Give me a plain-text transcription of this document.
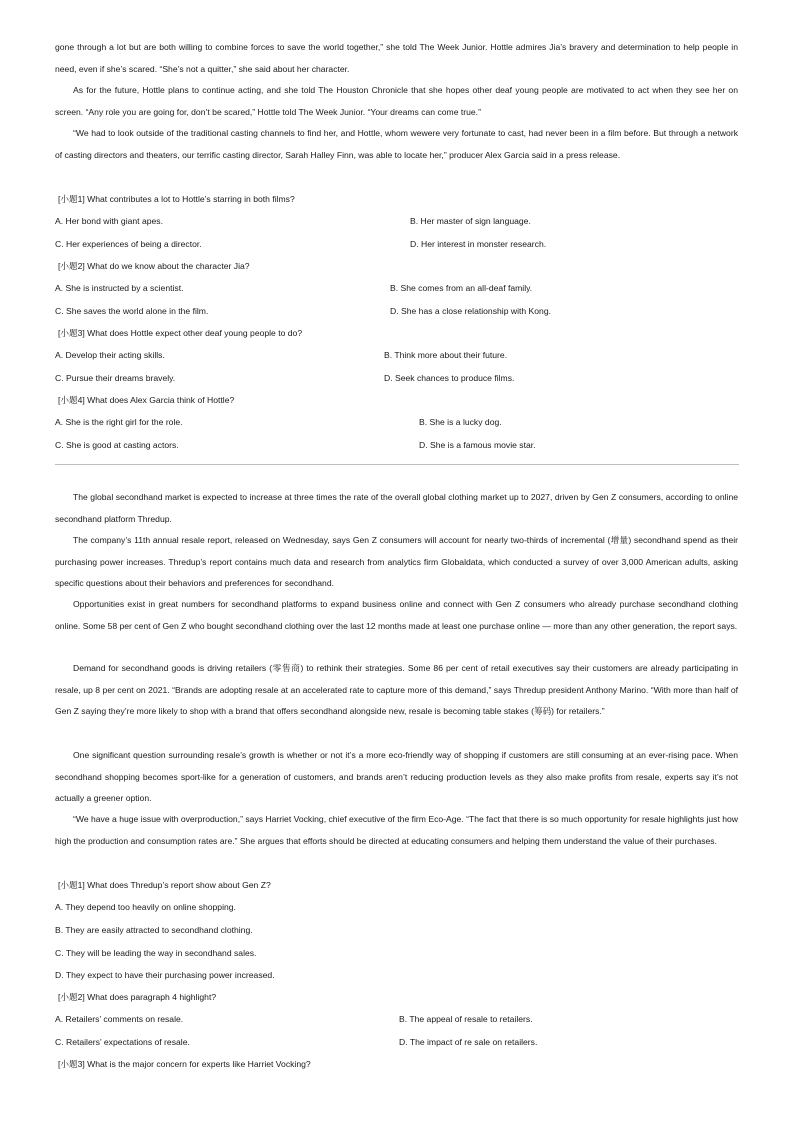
gone through a lot but are both willing to combine forces to save the world together,” she told The Week Junior. Hottle admires Jia’s bravery and determination to help people in need, even if she’s scared. “She’s not a quitter,” she said about her character.

As for the future, Hottle plans to continue acting, and she told The Houston Chronicle that she hopes other deaf young people are motivated to act when they see her on screen. “Any role you are going for, don’t be scared,” Hottle told The Week Junior. “Your dreams can come true.”

“We had to look outside of the traditional casting channels to find her, and Hottle, whom wewere very fortunate to cast, had never been in a film before. But through a network of casting directors and theaters, our terrific casting director, Sarah Halley Finn, was able to locate her,” producer Alex Garcia said in a press release.

[小题1] What contributes a lot to Hottle’s starring in both films?
A. Her bond with giant apes.	B. Her master of sign language.
C. Her experiences of being a director.	D. Her interest in monster research.
[小题2] What do we know about the character Jia?
A. She is instructed by a scientist.	B. She comes from an all-deaf family.
C. She saves the world alone in the film.	D. She has a close relationship with Kong.
[小题3] What does Hottle expect other deaf young people to do?
A. Develop their acting skills.	B. Think more about their future.
C. Pursue their dreams bravely.	D. Seek chances to produce films.
[小题4] What does Alex Garcia think of Hottle?
A. She is the right girl for the role.	B. She is a lucky dog.
C. She is good at casting actors.	D. She is a famous movie star.

The global secondhand market is expected to increase at three times the rate of the overall global clothing market up to 2027, driven by Gen Z consumers, according to online secondhand platform Thredup.

The company’s 11th annual resale report, released on Wednesday, says Gen Z consumers will account for nearly two-thirds of incremental (增量) secondhand spend as their purchasing power increases. Thredup’s report contains much data and research from analytics firm Globaldata, which conducted a survey of over 3,000 American adults, asking specific questions about their behaviors and preferences for secondhand.

Opportunities exist in great numbers for secondhand platforms to expand business online and connect with Gen Z consumers who already purchase secondhand clothing online. Some 58 per cent of Gen Z who bought secondhand clothing over the last 12 months made at least one purchase online — more than any other generation, the report says.

Demand for secondhand goods is driving retailers (零售商) to rethink their strategies. Some 86 per cent of retail executives say their customers are already participating in resale, up 8 per cent on 2021. “Brands are adopting resale at an accelerated rate to capture more of this demand,” says Thredup president Anthony Marino. “With more than half of Gen Z saying they’re more likely to shop with a brand that offers secondhand alongside new, resale is becoming table stakes (筹码) for retailers.”

One significant question surrounding resale’s growth is whether or not it’s a more eco-friendly way of shopping if customers are still consuming at an ever-rising pace. When secondhand shopping becomes sport-like for a generation of customers, and brands aren’t reducing production levels as they also make profits from resale, experts say it’s not actually a greener option.

“We have a huge issue with overproduction,” says Harriet Vocking, chief executive of the firm Eco-Age. “The fact that there is so much opportunity for resale highlights just how high the production and consumption rates are.” She argues that efforts should be directed at educating consumers and helping them understand the value of their purchases.

[小题1] What does Thredup’s report show about Gen Z?
A. They depend too heavily on online shopping.
B. They are easily attracted to secondhand clothing.
C. They will be leading the way in secondhand sales.
D. They expect to have their purchasing power increased.
[小题2] What does paragraph 4 highlight?
A. Retailers’ comments on resale.	B. The appeal of resale to retailers.
C. Retailers’ expectations of resale.	D. The impact of re sale on retailers.
[小题3] What is the major concern for experts like Harriet Vocking?
